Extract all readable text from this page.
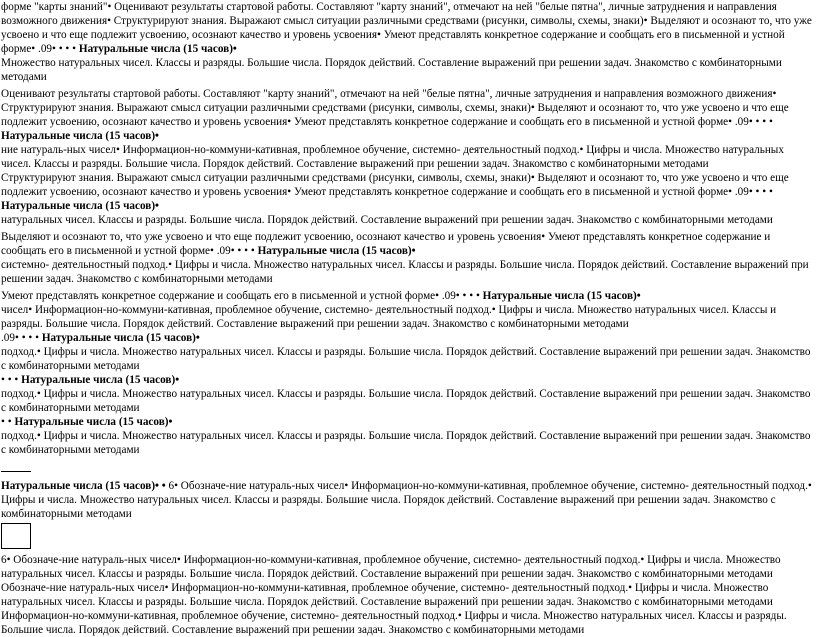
форме "карты знаний"• Оценивают результаты стартовой работы. Составляют "карту знаний", отмечают на ней "белые пятна", личные затруднения и направления возможного движения• Структурируют знания. Выражают смысл ситуации различными средствами (рисунки, символы, схемы, знаки)• Выделяют и осознают то, что уже усвоено и что еще подлежит усвоению, осознают качество и уровень усвоения• Умеют представлять конкретное содержание и сообщать его в письменной и устной форме• .09• • • • Натуральные числа (15 часов)•

Множество натуральных чисел. Классы и разряды. Большие числа. Порядок действий. Составление выражений при решении задач. Знакомство с комбинаторными методами

Оценивают результаты стартовой работы. Составляют "карту знаний", отмечают на ней "белые пятна", личные затруднения и направления возможного движения• Структурируют знания. Выражают смысл ситуации различными средствами (рисунки, символы, схемы, знаки)• Выделяют и осознают то, что уже усвоено и что еще подлежит усвоению, осознают качество и уровень усвоения• Умеют представлять конкретное содержание и сообщать его в письменной и устной форме• .09• • • • Натуральные числа (15 часов)•
ние натураль-ных чисел• Информацион-но-коммуни-кативная, проблемное обучение, системно- деятельностный подход.• Цифры и числа. Множество натуральных чисел. Классы и разряды. Большие числа. Порядок действий. Составление выражений при решении задач. Знакомство с комбинаторными методами

Структурируют знания. Выражают смысл ситуации различными средствами (рисунки, символы, схемы, знаки)• Выделяют и осознают то, что уже усвоено и что еще подлежит усвоению, осознают качество и уровень усвоения• Умеют представлять конкретное содержание и сообщать его в письменной и устной форме• .09• • • • Натуральные числа (15 часов)•

натуральных чисел. Классы и разряды. Большие числа. Порядок действий. Составление выражений при решении задач. Знакомство с комбинаторными методами

Выделяют и осознают то, что уже усвоено и что еще подлежит усвоению, осознают качество и уровень усвоения• Умеют представлять конкретное содержание и сообщать его в письменной и устной форме• .09• • • • Натуральные числа (15 часов)•
системно- деятельностный подход.• Цифры и числа. Множество натуральных чисел. Классы и разряды. Большие числа. Порядок действий. Составление выражений при решении задач. Знакомство с комбинаторными методами

Умеют представлять конкретное содержание и сообщать его в письменной и устной форме• .09• • • • Натуральные числа (15 часов)•
чисел• Информацион-но-коммуни-кативная, проблемное обучение, системно- деятельностный подход.• Цифры и числа. Множество натуральных чисел. Классы и разряды. Большие числа. Порядок действий. Составление выражений при решении задач. Знакомство с комбинаторными методами

.09• • • • Натуральные числа (15 часов)•
подход.• Цифры и числа. Множество натуральных чисел. Классы и разряды. Большие числа. Порядок действий. Составление выражений при решении задач. Знакомство с комбинаторными методами

• • • Натуральные числа (15 часов)•
подход.• Цифры и числа. Множество натуральных чисел. Классы и разряды. Большие числа. Порядок действий. Составление выражений при решении задач. Знакомство с комбинаторными методами

• • Натуральные числа (15 часов)•
подход.• Цифры и числа. Множество натуральных чисел. Классы и разряды. Большие числа. Порядок действий. Составление выражений при решении задач. Знакомство с комбинаторными методами

Натуральные числа (15 часов)• • 6• Обозначе-ние натураль-ных чисел• Информацион-но-коммуни-кативная, проблемное обучение, системно- деятельностный подход.• Цифры и числа. Множество натуральных чисел. Классы и разряды. Большие числа. Порядок действий. Составление выражений при решении задач. Знакомство с комбинаторными методами

6• Обозначе-ние натураль-ных чисел• Информацион-но-коммуни-кативная, проблемное обучение, системно- деятельностный подход.• Цифры и числа. Множество натуральных чисел. Классы и разряды. Большие числа. Порядок действий. Составление выражений при решении задач. Знакомство с комбинаторными методами
Обозначе-ние натураль-ных чисел• Информацион-но-коммуни-кативная, проблемное обучение, системно- деятельностный подход.• Цифры и числа. Множество натуральных чисел. Классы и разряды. Большие числа. Порядок действий. Составление выражений при решении задач. Знакомство с комбинаторными методами
Информацион-но-коммуни-кативная, проблемное обучение, системно- деятельностный подход.• Цифры и числа. Множество натуральных чисел. Классы и разряды. Большие числа. Порядок действий. Составление выражений при решении задач. Знакомство с комбинаторными методами
